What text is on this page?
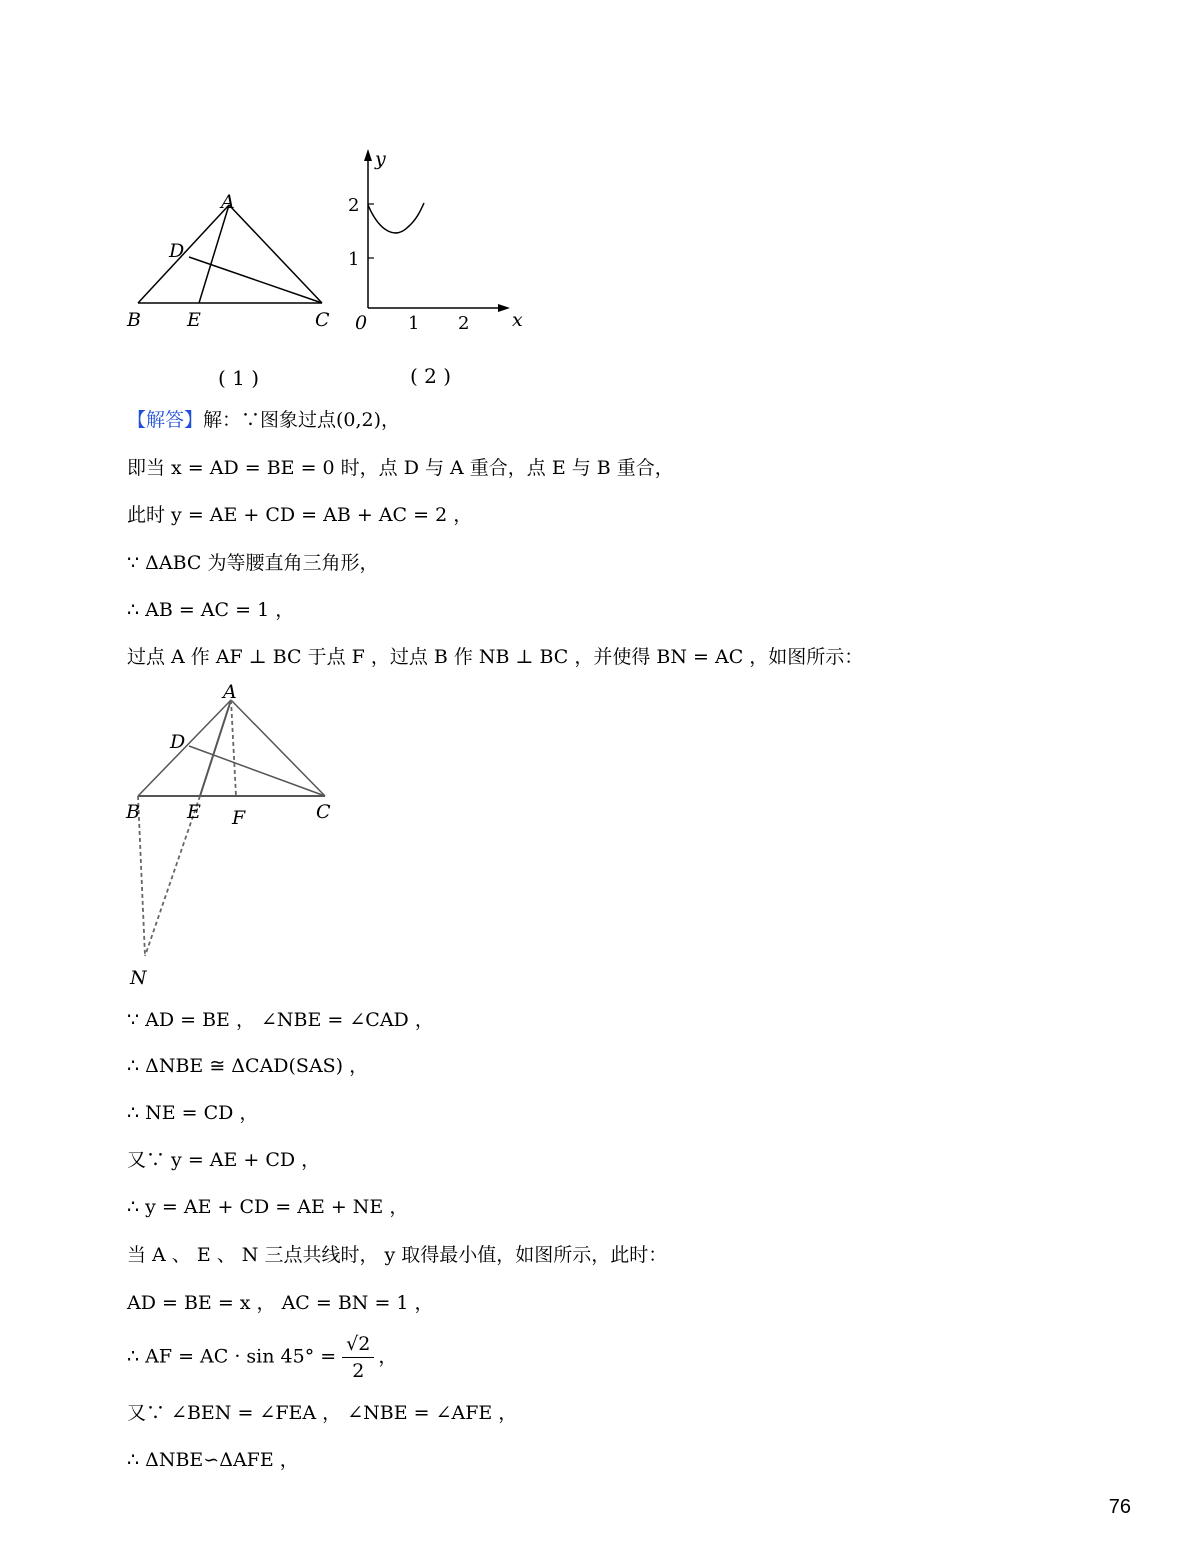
A
D
B E	C
( 1 )
y
x
2
1
0 1 2
( 2 )
【解答】解：∵图象过点(0,2)，
即当 x = AD = BE = 0 时，点 D 与 A 重合，点 E 与 B 重合，
此时 y = AE + CD = AB + AC = 2 ，
∵ ΔABC 为等腰直角三角形，
∴ AB = AC = 1 ，
过点 A 作 AF ⊥ BC 于点 F ，过点 B 作 NB ⊥ BC ，并使得 BN = AC ，如图所示：
A
D
B E F	C
N
∵ AD = BE ， ∠NBE = ∠CAD ，
∴ ΔNBE ≅ ΔCAD(SAS) ，
∴ NE = CD ，
又∵ y = AE + CD ，
∴ y = AE + CD = AE + NE ，
当 A 、 E 、 N 三点共线时， y 取得最小值，如图所示，此时：
AD = BE = x ， AC = BN = 1 ，
∴ AF = AC · $\sin 45^\circ = \frac{√2}{2}$ ，
又∵ ∠BEN = ∠FEA ， ∠NBE = ∠AFE ，
∴ ΔNBE∽ΔAFE ，
76
